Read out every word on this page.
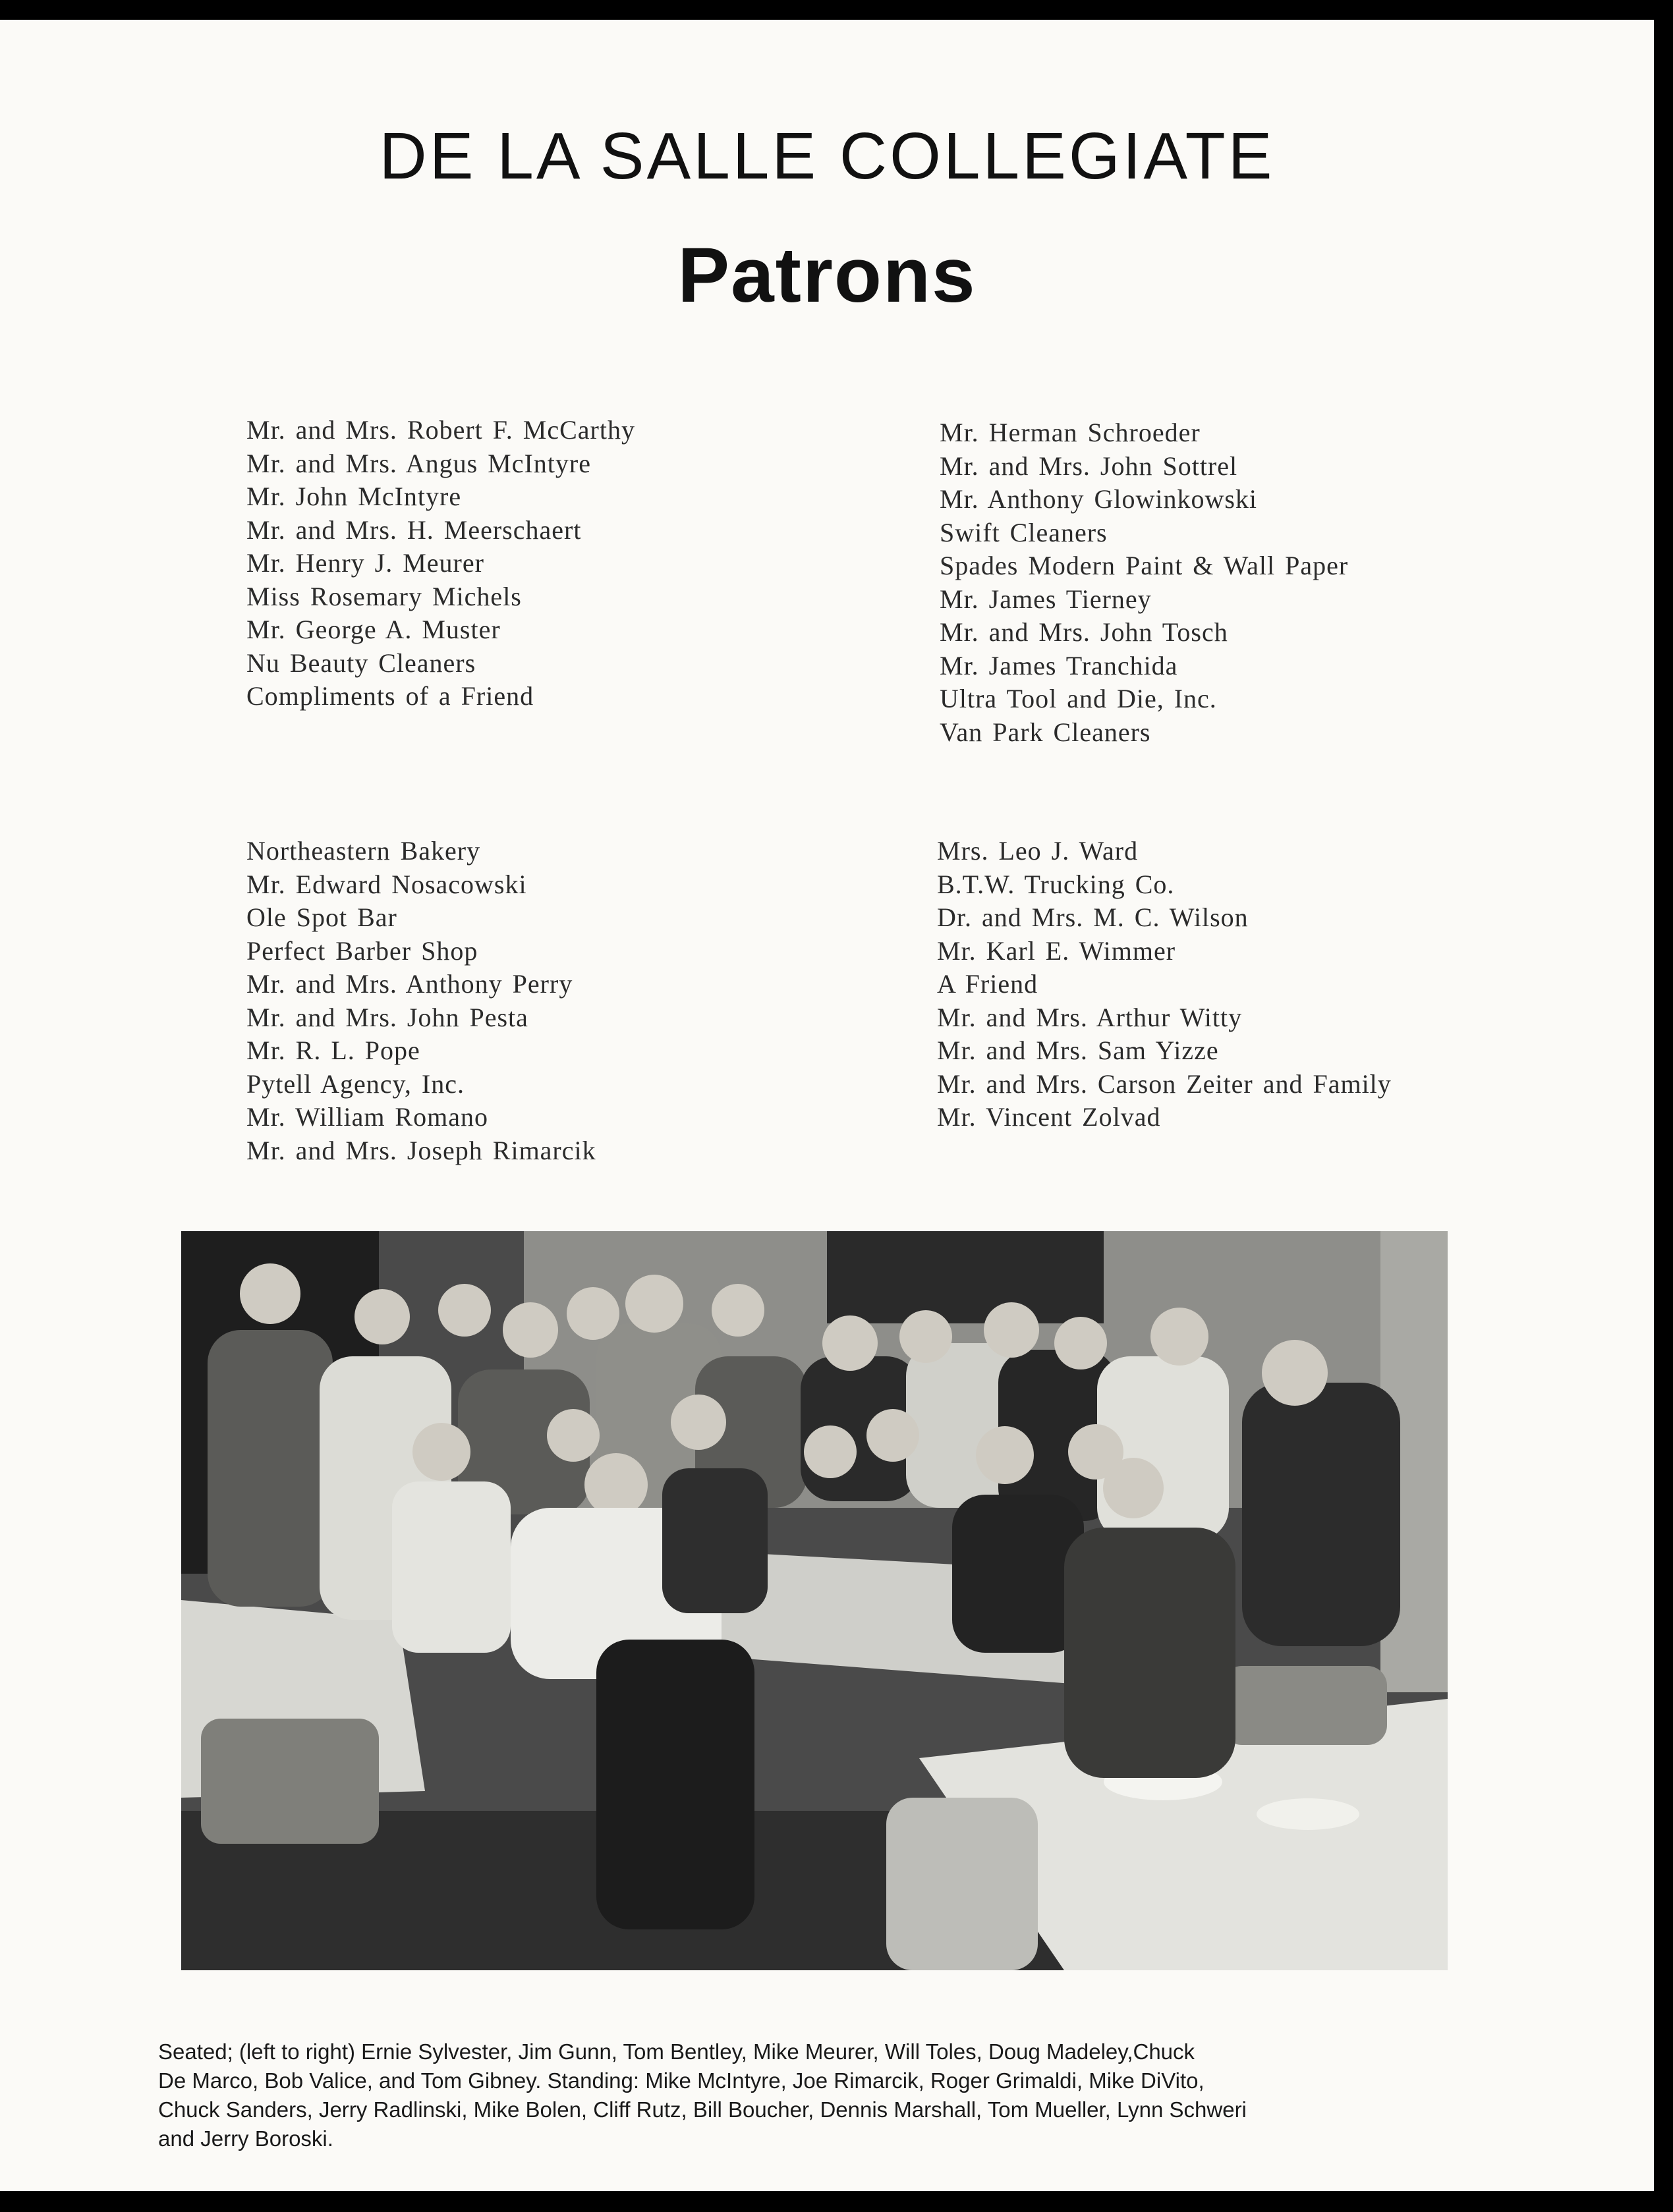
DE LA SALLE COLLEGIATE
Patrons
Mr. and Mrs. Robert F. McCarthy
Mr. and Mrs. Angus McIntyre
Mr. John McIntyre
Mr. and Mrs. H. Meerschaert
Mr. Henry J. Meurer
Miss Rosemary Michels
Mr. George A. Muster
Nu Beauty Cleaners
Compliments of a Friend
Mr. Herman Schroeder
Mr. and Mrs. John Sottrel
Mr. Anthony Glowinkowski
Swift Cleaners
Spades Modern Paint & Wall Paper
Mr. James Tierney
Mr. and Mrs. John Tosch
Mr. James Tranchida
Ultra Tool and Die, Inc.
Van Park Cleaners
Northeastern Bakery
Mr. Edward Nosacowski
Ole Spot Bar
Perfect Barber Shop
Mr. and Mrs. Anthony Perry
Mr. and Mrs. John Pesta
Mr. R. L. Pope
Pytell Agency, Inc.
Mr. William Romano
Mr. and Mrs. Joseph Rimarcik
Mrs. Leo J. Ward
B.T.W. Trucking Co.
Dr. and Mrs. M. C. Wilson
Mr. Karl E. Wimmer
A Friend
Mr. and Mrs. Arthur Witty
Mr. and Mrs. Sam Yizze
Mr. and Mrs. Carson Zeiter and Family
Mr. Vincent Zolvad

Seated; (left to right) Ernie Sylvester, Jim Gunn, Tom Bentley, Mike Meurer, Will Toles, Doug Madeley,Chuck
De Marco, Bob Valice, and Tom Gibney. Standing: Mike McIntyre, Joe Rimarcik, Roger Grimaldi, Mike DiVito,
Chuck Sanders, Jerry Radlinski, Mike Bolen, Cliff Rutz, Bill Boucher, Dennis Marshall, Tom Mueller, Lynn Schweri
and Jerry Boroski.
